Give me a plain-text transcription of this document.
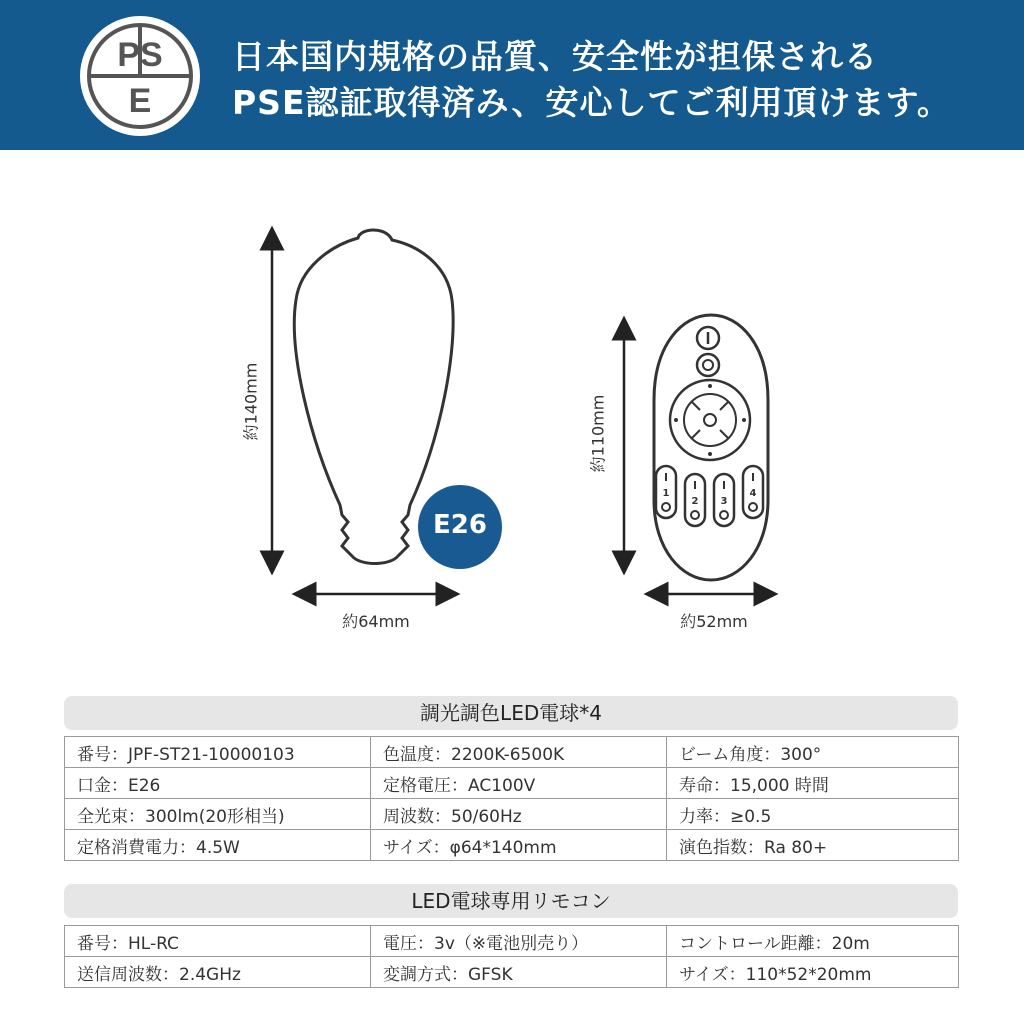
PS
E
日本国内規格の品質、安全性が担保される
PSE認証取得済み、安心してご利用頂けます。
1
2 3
4
E26
約140mm
約64mm
約110mm
約52mm
調光調色LED電球*4
番号：JPF-ST21-10000103	色温度：2200K-6500K	ビーム角度：300°
口金：E26	定格電圧：AC100V	寿命：15,000 時間
全光束：300lm(20形相当)	周波数：50/60Hz	力率：≥0.5
定格消費電力：4.5W	サイズ：φ64*140mm	演色指数：Ra 80+
LED電球専用リモコン
番号：HL-RC	電圧：3v（※電池別売り）	コントロール距離：20m
送信周波数：2.4GHz	変調方式：GFSK	サイズ：110*52*20mm
